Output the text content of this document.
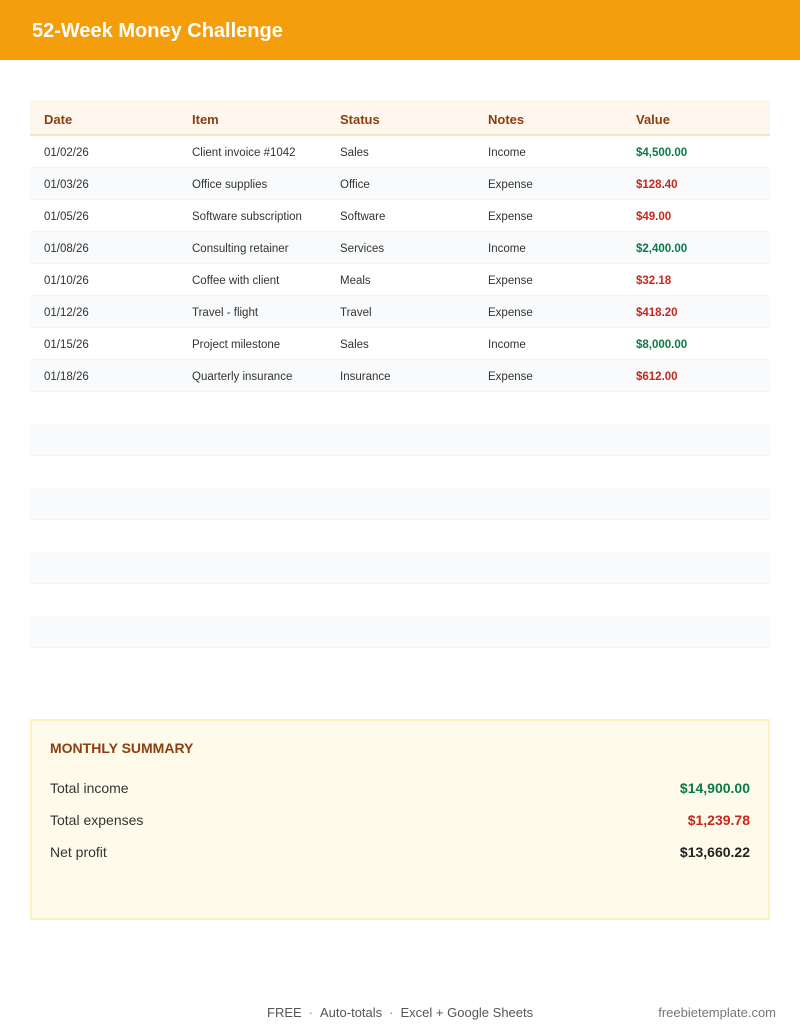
52-Week Money Challenge
Date	Item	Status	Notes	Value
01/02/26	Client invoice #1042	Sales	Income	$4,500.00
01/03/26	Office supplies	Office	Expense	$128.40
01/05/26	Software subscription	Software	Expense	$49.00
01/08/26	Consulting retainer	Services	Income	$2,400.00
01/10/26	Coffee with client	Meals	Expense	$32.18
01/12/26	Travel - flight	Travel	Expense	$418.20
01/15/26	Project milestone	Sales	Income	$8,000.00
01/18/26	Quarterly insurance	Insurance	Expense	$612.00
MONTHLY SUMMARY
Total income	$14,900.00
Total expenses	$1,239.78
Net profit	$13,660.22
FREE · Auto-totals · Excel + Google Sheets	freebietemplate.com
